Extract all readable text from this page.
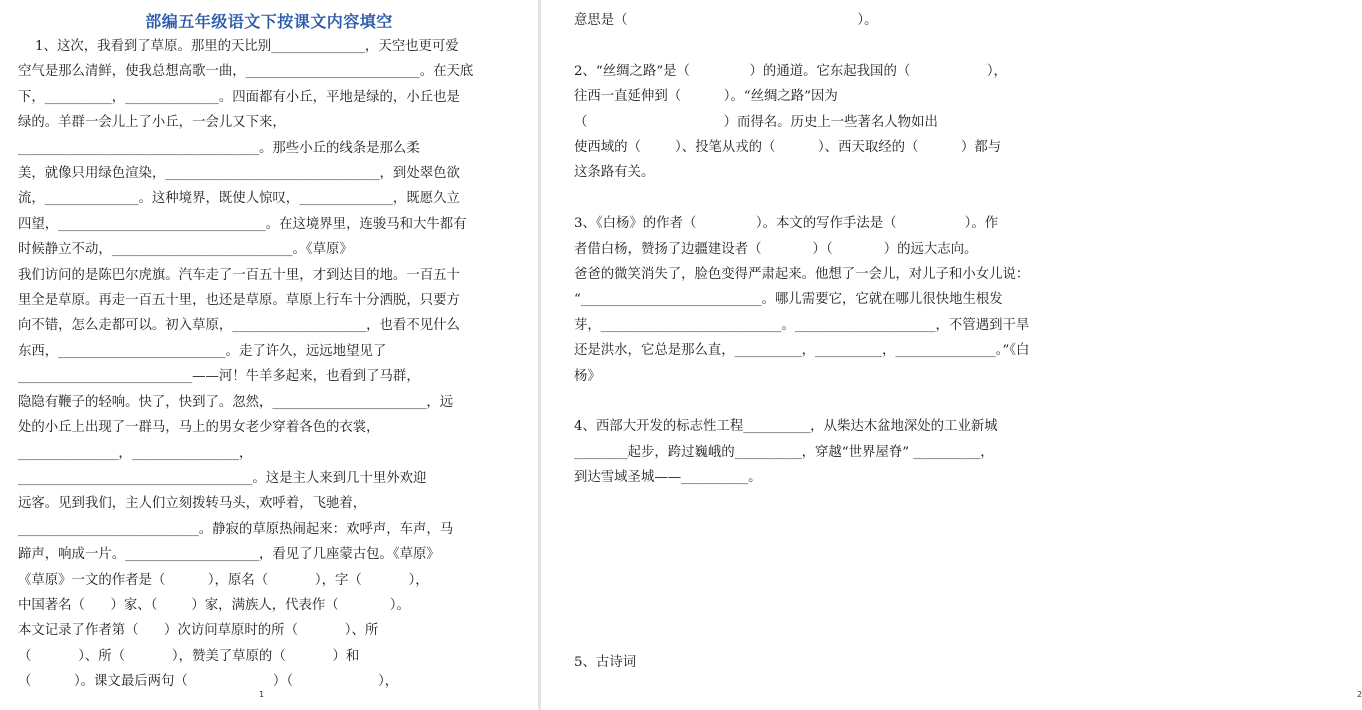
部编五年级语文下按课文内容填空

1、这次，我看到了草原。那里的天比别______________，天空也更可爱

空气是那么清鲜，使我总想高歌一曲，__________________________。在天底

下，__________，______________。四面都有小丘，平地是绿的，小丘也是

绿的。羊群一会儿上了小丘，一会儿又下来，

____________________________________。那些小丘的线条是那么柔

美，就像只用绿色渲染，________________________________，到处翠色欲

流，______________。这种境界，既使人惊叹，______________，既愿久立

四望，_______________________________。在这境界里，连骏马和大牛都有

时候静立不动，___________________________。《草原》

我们访问的是陈巴尔虎旗。汽车走了一百五十里，才到达目的地。一百五十

里全是草原。再走一百五十里，也还是草原。草原上行车十分洒脱，只要方

向不错，怎么走都可以。初入草原，____________________，也看不见什么

东西，_________________________。走了许久，远远地望见了

__________________________——河！牛羊多起来，也看到了马群，

隐隐有鞭子的轻响。快了，快到了。忽然，_______________________，远

处的小丘上出现了一群马，马上的男女老少穿着各色的衣裳，

_______________，________________，

___________________________________。这是主人来到几十里外欢迎

远客。见到我们，主人们立刻拨转马头，欢呼着，飞驰着，

___________________________。静寂的草原热闹起来：欢呼声，车声，马

蹄声，响成一片。____________________，看见了几座蒙古包。《草原》

《草原》一文的作者是（          ），原名（           ），字（           ），

中国著名（      ）家、（        ）家，满族人，代表作（            ）。

本文记录了作者第（      ）次访问草原时的所（           ）、所

（           ）、所（           ），赞美了草原的（           ）和

（          ）。课文最后两句（                    ）（                    ），

1

意思是（                                                      ）。

2、“丝绸之路”是（              ）的通道。它东起我国的（                  ），

往西一直延伸到（          ）。“丝绸之路”因为

（                                ）而得名。历史上一些著名人物如出

使西域的（        ）、投笔从戎的（          ）、西天取经的（          ）都与

这条路有关。

3、《白杨》的作者（              ）。本文的写作手法是（                ）。作

者借白杨，赞扬了边疆建设者（            ）（            ）的远大志向。

爸爸的微笑消失了，脸色变得严肃起来。他想了一会儿，对儿子和小女儿说：

“___________________________。哪儿需要它，它就在哪儿很快地生根发

芽，___________________________。_____________________，不管遇到干旱

还是洪水，它总是那么直，__________，__________，_______________。”《白

杨》

4、西部大开发的标志性工程__________，从柴达木盆地深处的工业新城

________起步，跨过巍峨的__________，穿越“世界屋脊” __________，

到达雪域圣城——__________。

5、古诗词
2
